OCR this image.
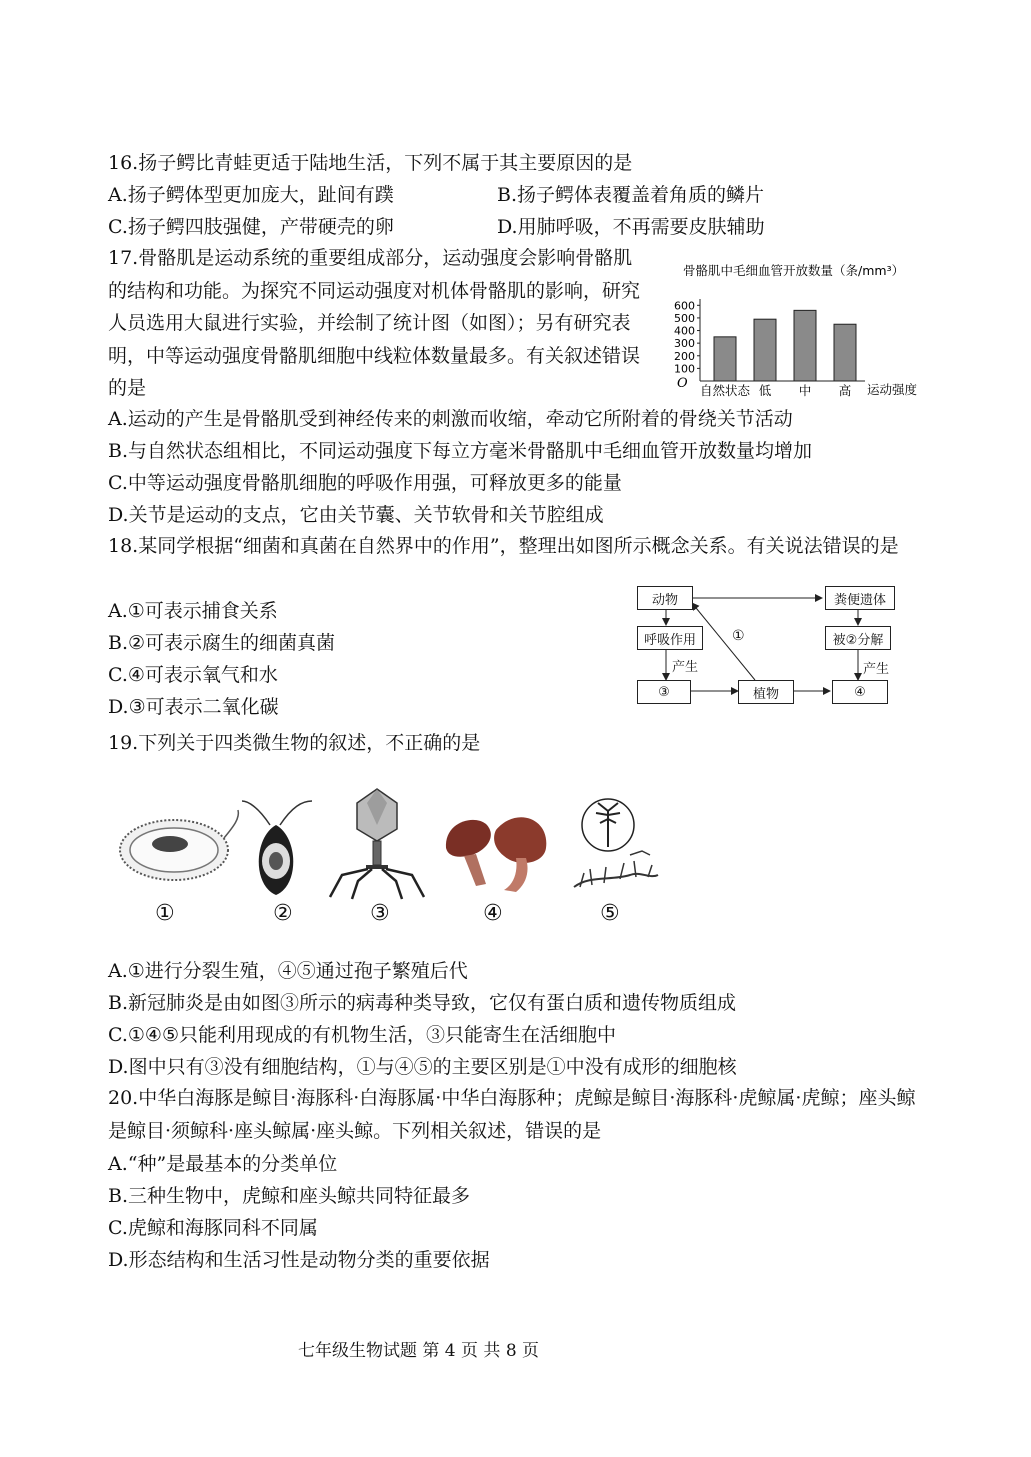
16.扬子鳄比青蛙更适于陆地生活，下列不属于其主要原因的是
A.扬子鳄体型更加庞大，趾间有蹼	B.扬子鳄体表覆盖着角质的鳞片
C.扬子鳄四肢强健，产带硬壳的卵	D.用肺呼吸，不再需要皮肤辅助
17.骨骼肌是运动系统的重要组成部分，运动强度会影响骨骼肌的结构和功能。为探究不同运动强度对机体骨骼肌的影响，研究人员选用大鼠进行实验，并绘制了统计图（如图）；另有研究表明，中等运动强度骨骼肌细胞中线粒体数量最多。有关叙述错误的是
骨骼肌中毛细血管开放数量（条/mm³）
100
200
300
400
500
600
自然状态 低 中 高
O	运动强度
A.运动的产生是骨骼肌受到神经传来的刺激而收缩，牵动它所附着的骨绕关节活动
B.与自然状态组相比，不同运动强度下每立方毫米骨骼肌中毛细血管开放数量均增加
C.中等运动强度骨骼肌细胞的呼吸作用强，可释放更多的能量
D.关节是运动的支点，它由关节囊、关节软骨和关节腔组成
18.某同学根据“细菌和真菌在自然界中的作用”，整理出如图所示概念关系。有关说法错误的是
A.①可表示捕食关系
B.②可表示腐生的细菌真菌
C.④可表示氧气和水
D.③可表示二氧化碳
动物
呼吸作用
③	植物
粪便遗体
被②分解
④
产生	产生
①
19.下列关于四类微生物的叙述，不正确的是
①	②	③	④	⑤
A.①进行分裂生殖，④⑤通过孢子繁殖后代
B.新冠肺炎是由如图③所示的病毒种类导致，它仅有蛋白质和遗传物质组成
C.①④⑤只能利用现成的有机物生活，③只能寄生在活细胞中
D.图中只有③没有细胞结构，①与④⑤的主要区别是①中没有成形的细胞核
20.中华白海豚是鲸目·海豚科·白海豚属·中华白海豚种；虎鲸是鲸目·海豚科·虎鲸属·虎鲸；座头鲸是鲸目·须鲸科·座头鲸属·座头鲸。下列相关叙述，错误的是
A.“种”是最基本的分类单位
B.三种生物中，虎鲸和座头鲸共同特征最多
C.虎鲸和海豚同科不同属
D.形态结构和生活习性是动物分类的重要依据
七年级生物试题 第 4 页 共 8 页
